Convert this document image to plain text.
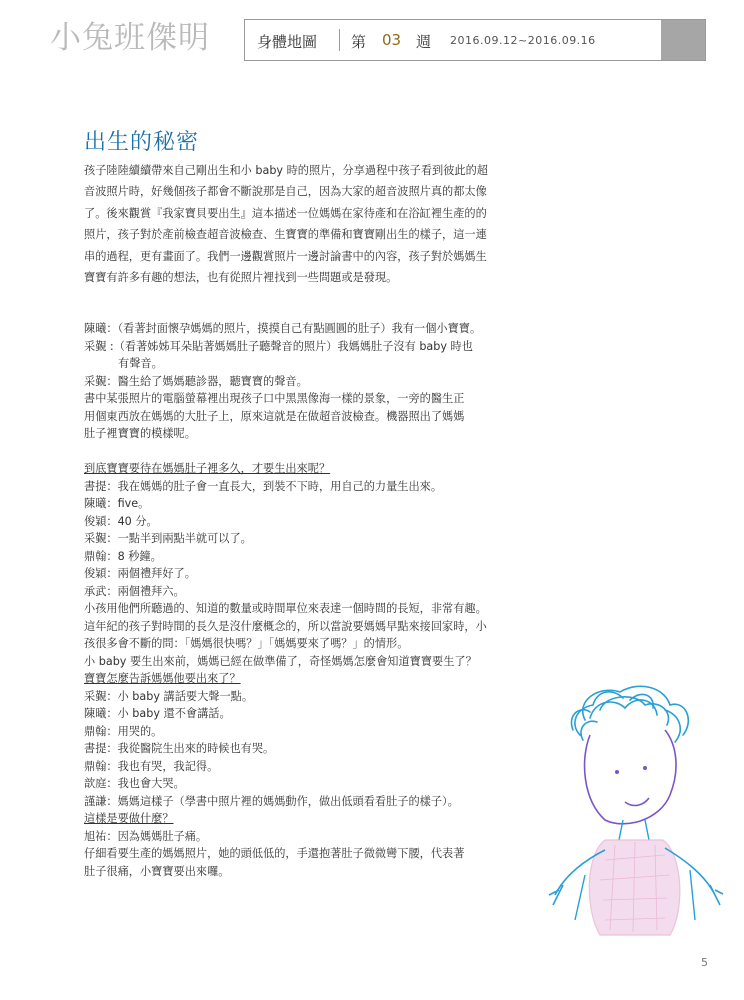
小兔班傑明	身體地圖 第 03 週 2016.09.12~2016.09.16
出生的秘密

孩子陸陸續續帶來自己剛出生和小 baby 時的照片，分享過程中孩子看到彼此的超

音波照片時，好幾個孩子都會不斷說那是自己，因為大家的超音波照片真的都太像

了。後來觀賞『我家寶貝要出生』這本描述一位媽媽在家待產和在浴缸裡生產的的

照片，孩子對於產前檢查超音波檢查、生寶寶的準備和寶寶剛出生的樣子，這一連

串的過程，更有畫面了。我們一邊觀賞照片一邊討論書中的內容，孩子對於媽媽生

寶寶有許多有趣的想法，也有從照片裡找到一些問題或是發現。

陳曦：（看著封面懷孕媽媽的照片，摸摸自己有點圓圓的肚子）我有一個小寶寶。
采覲 :（看著姊姊耳朵貼著媽媽肚子聽聲音的照片）我媽媽肚子沒有 baby 時也
有聲音。
采覲：醫生給了媽媽聽診器，聽寶寶的聲音。
書中某張照片的電腦螢幕裡出現孩子口中黑黑像海一樣的景象，一旁的醫生正
用個東西放在媽媽的大肚子上，原來這就是在做超音波檢查。機器照出了媽媽
肚子裡寶寶的模樣呢。
到底寶寶要待在媽媽肚子裡多久，才要生出來呢？
書提：我在媽媽的肚子會一直長大，到裝不下時，用自己的力量生出來。
陳曦：five。
俊穎：40 分。
采覲：一點半到兩點半就可以了。
鼎翰：8 秒鐘。
俊穎：兩個禮拜好了。
承武：兩個禮拜六。
小孩用他們所聽過的、知道的數量或時間單位來表達一個時間的長短，非常有趣。
這年紀的孩子對時間的長久是沒什麼概念的，所以當說要媽媽早點來接回家時，小
孩很多會不斷的問：「媽媽很快嗎？」「媽媽要來了嗎？」的情形。
小 baby 要生出來前，媽媽已經在做準備了，奇怪媽媽怎麼會知道寶寶要生了？
寶寶怎麼告訴媽媽他要出來了？
采覲：小 baby 講話要大聲一點。
陳曦：小 baby 還不會講話。
鼎翰：用哭的。
書提：我從醫院生出來的時候也有哭。
鼎翰：我也有哭，我記得。
歆庭：我也會大哭。
謹謙：媽媽這樣子（學書中照片裡的媽媽動作，做出低頭看看肚子的樣子）。
這樣是要做什麼？
旭祐：因為媽媽肚子痛。
仔細看要生產的媽媽照片，她的頭低低的，手還抱著肚子微微彎下腰，代表著
肚子很痛，小寶寶要出來囉。
5
